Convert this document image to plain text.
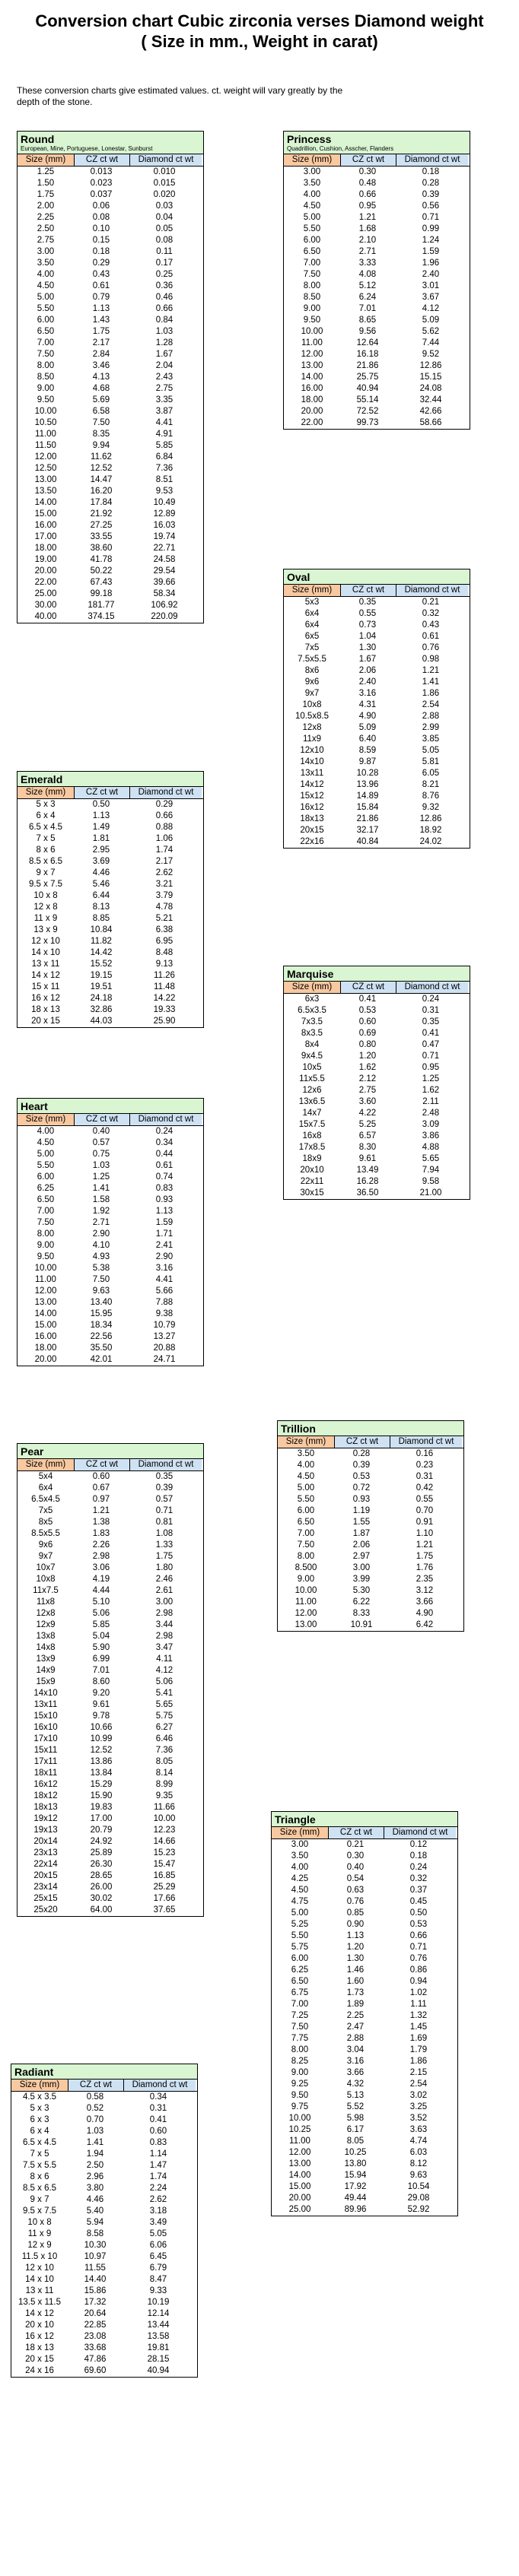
Conversion chart Cubic zirconia verses Diamond weight
( Size in mm., Weight in carat)
These conversion charts give estimated values. ct. weight will vary greatly by the depth of the stone.
Round
European, Mine, Portuguese, Lonestar, Sunburst
Size (mm)	CZ ct wt	Diamond ct wt
1.25	0.013	0.010
1.50	0.023	0.015
1.75	0.037	0.020
2.00	0.06	0.03
2.25	0.08	0.04
2.50	0.10	0.05
2.75	0.15	0.08
3.00	0.18	0.11
3.50	0.29	0.17
4.00	0.43	0.25
4.50	0.61	0.36
5.00	0.79	0.46
5.50	1.13	0.66
6.00	1.43	0.84
6.50	1.75	1.03
7.00	2.17	1.28
7.50	2.84	1.67
8.00	3.46	2.04
8.50	4.13	2.43
9.00	4.68	2.75
9.50	5.69	3.35
10.00	6.58	3.87
10.50	7.50	4.41
11.00	8.35	4.91
11.50	9.94	5.85
12.00	11.62	6.84
12.50	12.52	7.36
13.00	14.47	8.51
13.50	16.20	9.53
14.00	17.84	10.49
15.00	21.92	12.89
16.00	27.25	16.03
17.00	33.55	19.74
18.00	38.60	22.71
19.00	41.78	24.58
20.00	50.22	29.54
22.00	67.43	39.66
25.00	99.18	58.34
30.00	181.77	106.92
40.00	374.15	220.09
Emerald
Size (mm)	CZ ct wt	Diamond ct wt
5 x 3	0.50	0.29
6 x 4	1.13	0.66
6.5 x 4.5	1.49	0.88
7 x 5	1.81	1.06
8 x 6	2.95	1.74
8.5 x 6.5	3.69	2.17
9 x 7	4.46	2.62
9.5 x 7.5	5.46	3.21
10 x 8	6.44	3.79
12 x 8	8.13	4.78
11 x 9	8.85	5.21
13 x 9	10.84	6.38
12 x 10	11.82	6.95
14 x 10	14.42	8.48
13 x 11	15.52	9.13
14 x 12	19.15	11.26
15 x 11	19.51	11.48
16 x 12	24.18	14.22
18 x 13	32.86	19.33
20 x 15	44.03	25.90
Heart
Size (mm)	CZ ct wt	Diamond ct wt
4.00	0.40	0.24
4.50	0.57	0.34
5.00	0.75	0.44
5.50	1.03	0.61
6.00	1.25	0.74
6.25	1.41	0.83
6.50	1.58	0.93
7.00	1.92	1.13
7.50	2.71	1.59
8.00	2.90	1.71
9.00	4.10	2.41
9.50	4.93	2.90
10.00	5.38	3.16
11.00	7.50	4.41
12.00	9.63	5.66
13.00	13.40	7.88
14.00	15.95	9.38
15.00	18.34	10.79
16.00	22.56	13.27
18.00	35.50	20.88
20.00	42.01	24.71
Pear
Size (mm)	CZ ct wt	Diamond ct wt
5x4	0.60	0.35
6x4	0.67	0.39
6.5x4.5	0.97	0.57
7x5	1.21	0.71
8x5	1.38	0.81
8.5x5.5	1.83	1.08
9x6	2.26	1.33
9x7	2.98	1.75
10x7	3.06	1.80
10x8	4.19	2.46
11x7.5	4.44	2.61
11x8	5.10	3.00
12x8	5.06	2.98
12x9	5.85	3.44
13x8	5.04	2.98
14x8	5.90	3.47
13x9	6.99	4.11
14x9	7.01	4.12
15x9	8.60	5.06
14x10	9.20	5.41
13x11	9.61	5.65
15x10	9.78	5.75
16x10	10.66	6.27
17x10	10.99	6.46
15x11	12.52	7.36
17x11	13.86	8.05
18x11	13.84	8.14
16x12	15.29	8.99
18x12	15.90	9.35
18x13	19.83	11.66
19x12	17.00	10.00
19x13	20.79	12.23
20x14	24.92	14.66
23x13	25.89	15.23
22x14	26.30	15.47
20x15	28.65	16.85
23x14	26.00	25.29
25x15	30.02	17.66
25x20	64.00	37.65
Radiant
Size (mm)	CZ ct wt	Diamond ct wt
4.5 x 3.5	0.58	0.34
5 x 3	0.52	0.31
6 x 3	0.70	0.41
6 x 4	1.03	0.60
6.5 x 4.5	1.41	0.83
7 x 5	1.94	1.14
7.5 x 5.5	2.50	1.47
8 x 6	2.96	1.74
8.5 x 6.5	3.80	2.24
9 x 7	4.46	2.62
9.5 x 7.5	5.40	3.18
10 x 8	5.94	3.49
11 x 9	8.58	5.05
12 x 9	10.30	6.06
11.5 x 10	10.97	6.45
12 x 10	11.55	6.79
14 x 10	14.40	8.47
13 x 11	15.86	9.33
13.5 x 11.5	17.32	10.19
14 x 12	20.64	12.14
20 x 10	22.85	13.44
16 x 12	23.08	13.58
18 x 13	33.68	19.81
20 x 15	47.86	28.15
24 x 16	69.60	40.94
Princess
Quadrillion, Cushion, Asscher, Flanders
Size (mm)	CZ ct wt	Diamond ct wt
3.00	0.30	0.18
3.50	0.48	0.28
4.00	0.66	0.39
4.50	0.95	0.56
5.00	1.21	0.71
5.50	1.68	0.99
6.00	2.10	1.24
6.50	2.71	1.59
7.00	3.33	1.96
7.50	4.08	2.40
8.00	5.12	3.01
8.50	6.24	3.67
9.00	7.01	4.12
9.50	8.65	5.09
10.00	9.56	5.62
11.00	12.64	7.44
12.00	16.18	9.52
13.00	21.86	12.86
14.00	25.75	15.15
16.00	40.94	24.08
18.00	55.14	32.44
20.00	72.52	42.66
22.00	99.73	58.66
Oval
Size (mm)	CZ ct wt	Diamond ct wt
5x3	0.35	0.21
6x4	0.55	0.32
6x4	0.73	0.43
6x5	1.04	0.61
7x5	1.30	0.76
7.5x5.5	1.67	0.98
8x6	2.06	1.21
9x6	2.40	1.41
9x7	3.16	1.86
10x8	4.31	2.54
10.5x8.5	4.90	2.88
12x8	5.09	2.99
11x9	6.40	3.85
12x10	8.59	5.05
14x10	9.87	5.81
13x11	10.28	6.05
14x12	13.96	8.21
15x12	14.89	8.76
16x12	15.84	9.32
18x13	21.86	12.86
20x15	32.17	18.92
22x16	40.84	24.02
Marquise
Size (mm)	CZ ct wt	Diamond ct wt
6x3	0.41	0.24
6.5x3.5	0.53	0.31
7x3.5	0.60	0.35
8x3.5	0.69	0.41
8x4	0.80	0.47
9x4.5	1.20	0.71
10x5	1.62	0.95
11x5.5	2.12	1.25
12x6	2.75	1.62
13x6.5	3.60	2.11
14x7	4.22	2.48
15x7.5	5.25	3.09
16x8	6.57	3.86
17x8.5	8.30	4.88
18x9	9.61	5.65
20x10	13.49	7.94
22x11	16.28	9.58
30x15	36.50	21.00
Trillion
Size (mm)	CZ ct wt	Diamond ct wt
3.50	0.28	0.16
4.00	0.39	0.23
4.50	0.53	0.31
5.00	0.72	0.42
5.50	0.93	0.55
6.00	1.19	0.70
6.50	1.55	0.91
7.00	1.87	1.10
7.50	2.06	1.21
8.00	2.97	1.75
8.500	3.00	1.76
9.00	3.99	2.35
10.00	5.30	3.12
11.00	6.22	3.66
12.00	8.33	4.90
13.00	10.91	6.42
Triangle
Size (mm)	CZ ct wt	Diamond ct wt
3.00	0.21	0.12
3.50	0.30	0.18
4.00	0.40	0.24
4.25	0.54	0.32
4.50	0.63	0.37
4.75	0.76	0.45
5.00	0.85	0.50
5.25	0.90	0.53
5.50	1.13	0.66
5.75	1.20	0.71
6.00	1.30	0.76
6.25	1.46	0.86
6.50	1.60	0.94
6.75	1.73	1.02
7.00	1.89	1.11
7.25	2.25	1.32
7.50	2.47	1.45
7.75	2.88	1.69
8.00	3.04	1.79
8.25	3.16	1.86
9.00	3.66	2.15
9.25	4.32	2.54
9.50	5.13	3.02
9.75	5.52	3.25
10.00	5.98	3.52
10.25	6.17	3.63
11.00	8.05	4.74
12.00	10.25	6.03
13.00	13.80	8.12
14.00	15.94	9.63
15.00	17.92	10.54
20.00	49.44	29.08
25.00	89.96	52.92
